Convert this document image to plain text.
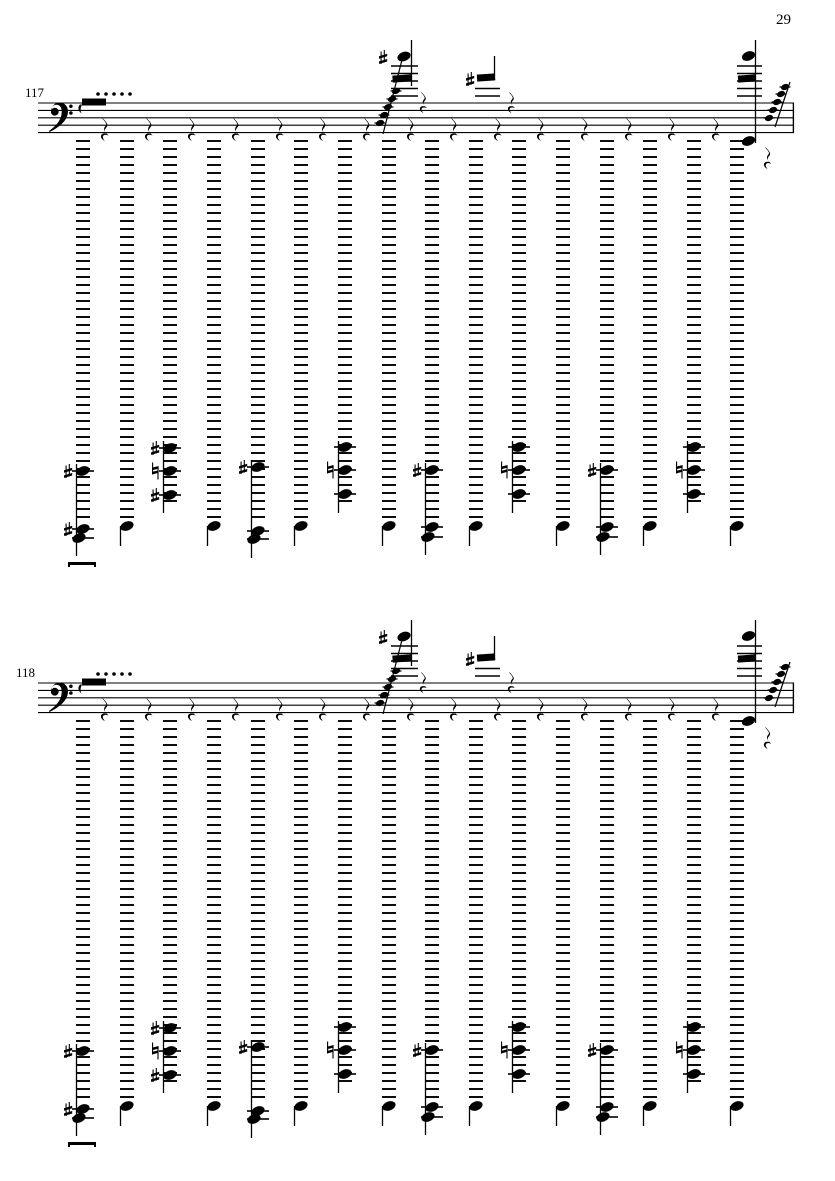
29
117
118
